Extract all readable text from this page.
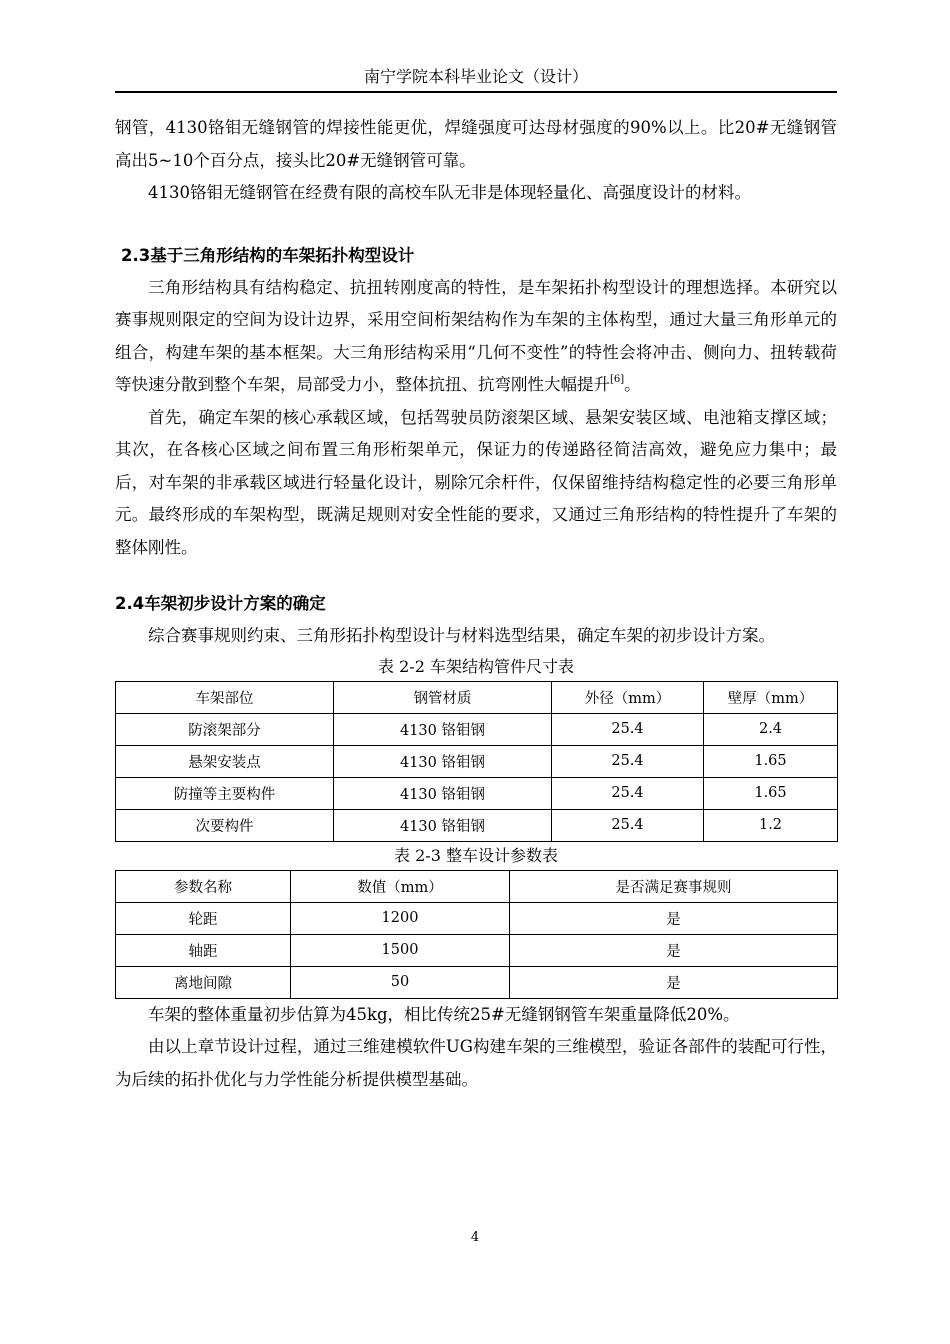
南宁学院本科毕业论文（设计）

钢管，4130铬钼无缝钢管的焊接性能更优，焊缝强度可达母材强度的90%以上。比20#无缝钢管高出5~10个百分点，接头比20#无缝钢管可靠。

4130铬钼无缝钢管在经费有限的高校车队无非是体现轻量化、高强度设计的材料。

2.3基于三角形结构的车架拓扑构型设计

三角形结构具有结构稳定、抗扭转刚度高的特性，是车架拓扑构型设计的理想选择。本研究以赛事规则限定的空间为设计边界，采用空间桁架结构作为车架的主体构型，通过大量三角形单元的组合，构建车架的基本框架。大三角形结构采用“几何不变性”的特性会将冲击、侧向力、扭转载荷等快速分散到整个车架，局部受力小，整体抗扭、抗弯刚性大幅提升[6]。

首先，确定车架的核心承载区域，包括驾驶员防滚架区域、悬架安装区域、电池箱支撑区域；其次，在各核心区域之间布置三角形桁架单元，保证力的传递路径简洁高效，避免应力集中；最后，对车架的非承载区域进行轻量化设计，剔除冗余杆件，仅保留维持结构稳定性的必要三角形单元。最终形成的车架构型，既满足规则对安全性能的要求，又通过三角形结构的特性提升了车架的整体刚性。

2.4车架初步设计方案的确定

综合赛事规则约束、三角形拓扑构型设计与材料选型结果，确定车架的初步设计方案。

表 2-2 车架结构管件尺寸表
车架部位	钢管材质	外径（mm）	壁厚（mm）
防滚架部分	4130 铬钼钢	25.4	2.4
悬架安装点	4130 铬钼钢	25.4	1.65
防撞等主要构件	4130 铬钼钢	25.4	1.65
次要构件	4130 铬钼钢	25.4	1.2
表 2-3 整车设计参数表
参数名称	数值（mm）	是否满足赛事规则
轮距	1200	是
轴距	1500	是
离地间隙	50	是

车架的整体重量初步估算为45kg，相比传统25#无缝钢钢管车架重量降低20%。

由以上章节设计过程，通过三维建模软件UG构建车架的三维模型，验证各部件的装配可行性，为后续的拓扑优化与力学性能分析提供模型基础。

4
